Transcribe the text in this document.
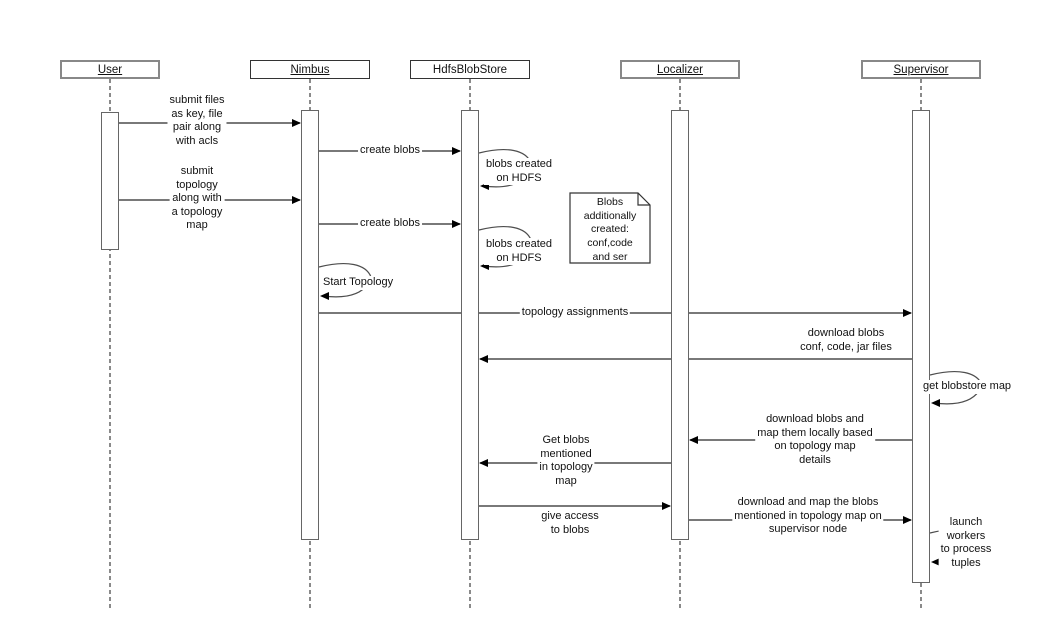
submit files
as key, file
pair along
with acls
create blobs
submit
topology
along with
a topology
map	create blobs
topology assignments
download blobs
conf, code, jar files
download blobs and
map them locally based
on topology map
details
Get blobs
mentioned
in topology
map
give access
to blobs
download and map the blobs
mentioned in topology map on
supervisor node
blobs created
on HDFS
blobs created
on HDFS
Start Topology
get blobstore map
launch
workers
to process
tuples
Blobs
additionally
created:
conf,code
and ser
User	Nimbus	HdfsBlobStore	Localizer	Supervisor
